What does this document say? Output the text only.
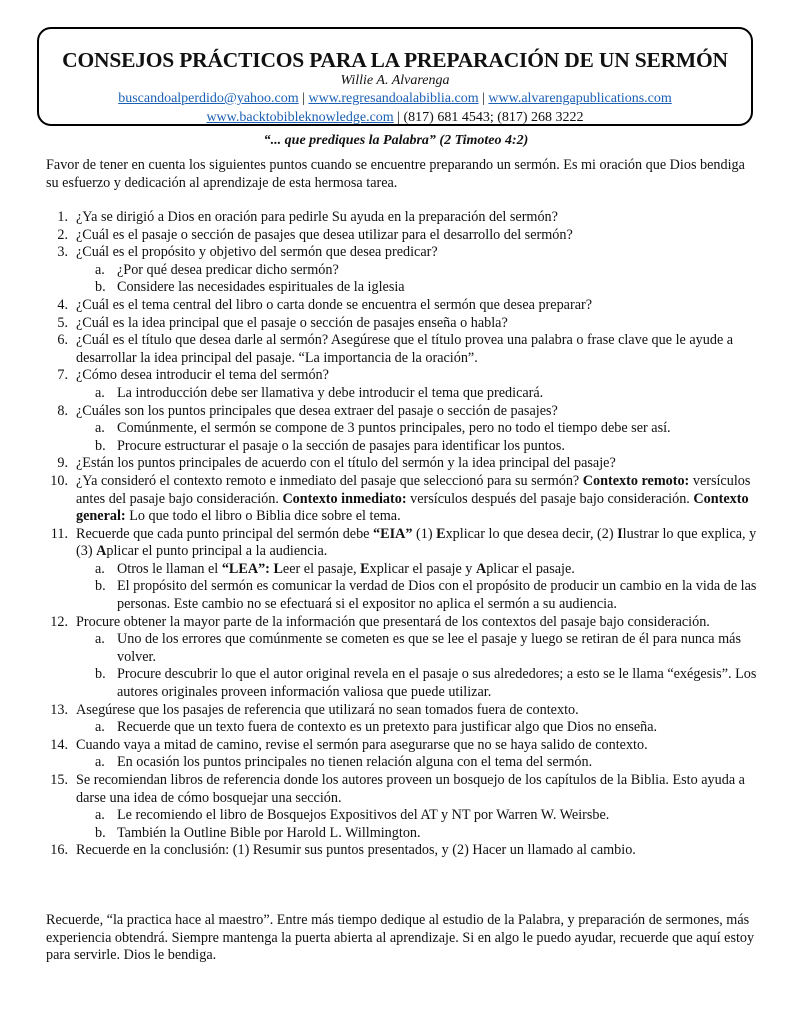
CONSEJOS PRÁCTICOS PARA LA PREPARACIÓN DE UN SERMÓN
Willie A. Alvarenga
buscandoalperdido@yahoo.com | www.regresandoalabiblia.com | www.alvarengapublications.com
www.backtobibleknowledge.com | (817) 681 4543; (817) 268 3222
“... que prediques la Palabra” (2 Timoteo 4:2)
Favor de tener en cuenta los siguientes puntos cuando se encuentre preparando un sermón. Es mi oración que Dios bendiga su esfuerzo y dedicación al aprendizaje de esta hermosa tarea.
1. ¿Ya se dirigió a Dios en oración para pedirle Su ayuda en la preparación del sermón?
2. ¿Cuál es el pasaje o sección de pasajes que desea utilizar para el desarrollo del sermón?
3. ¿Cuál es el propósito y objetivo del sermón que desea predicar?
a. ¿Por qué desea predicar dicho sermón?
b. Considere las necesidades espirituales de la iglesia
4. ¿Cuál es el tema central del libro o carta donde se encuentra el sermón que desea preparar?
5. ¿Cuál es la idea principal que el pasaje o sección de pasajes enseña o habla?
6. ¿Cuál es el título que desea darle al sermón? Asegúrese que el título provea una palabra o frase clave que le ayude a desarrollar la idea principal del pasaje. “La importancia de la oración”.
7. ¿Cómo desea introducir el tema del sermón?
a. La introducción debe ser llamativa y debe introducir el tema que predicará.
8. ¿Cuáles son los puntos principales que desea extraer del pasaje o sección de pasajes?
a. Comúnmente, el sermón se compone de 3 puntos principales, pero no todo el tiempo debe ser así.
b. Procure estructurar el pasaje o la sección de pasajes para identificar los puntos.
9. ¿Están los puntos principales de acuerdo con el título del sermón y la idea principal del pasaje?
10. ¿Ya consideró el contexto remoto e inmediato del pasaje que seleccionó para su sermón? Contexto remoto: versículos antes del pasaje bajo consideración. Contexto inmediato: versículos después del pasaje bajo consideración. Contexto general: Lo que todo el libro o Biblia dice sobre el tema.
11. Recuerde que cada punto principal del sermón debe “EIA” (1) Explicar lo que desea decir, (2) Ilustrar lo que explica, y (3) Aplicar el punto principal a la audiencia.
a. Otros le llaman el “LEA”: Leer el pasaje, Explicar el pasaje y Aplicar el pasaje.
b. El propósito del sermón es comunicar la verdad de Dios con el propósito de producir un cambio en la vida de las personas. Este cambio no se efectuará si el expositor no aplica el sermón a su audiencia.
12. Procure obtener la mayor parte de la información que presentará de los contextos del pasaje bajo consideración.
a. Uno de los errores que comúnmente se cometen es que se lee el pasaje y luego se retiran de él para nunca más volver.
b. Procure descubrir lo que el autor original revela en el pasaje o sus alrededores; a esto se le llama “exégesis”. Los autores originales proveen información valiosa que puede utilizar.
13. Asegúrese que los pasajes de referencia que utilizará no sean tomados fuera de contexto.
a. Recuerde que un texto fuera de contexto es un pretexto para justificar algo que Dios no enseña.
14. Cuando vaya a mitad de camino, revise el sermón para asegurarse que no se haya salido de contexto.
a. En ocasión los puntos principales no tienen relación alguna con el tema del sermón.
15. Se recomiendan libros de referencia donde los autores proveen un bosquejo de los capítulos de la Biblia. Esto ayuda a darse una idea de cómo bosquejar una sección.
a. Le recomiendo el libro de Bosquejos Expositivos del AT y NT por Warren W. Weirsbe.
b. También la Outline Bible por Harold L. Willmington.
16. Recuerde en la conclusión: (1) Resumir sus puntos presentados, y (2) Hacer un llamado al cambio.
Recuerde, “la practica hace al maestro”. Entre más tiempo dedique al estudio de la Palabra, y preparación de sermones, más experiencia obtendrá. Siempre mantenga la puerta abierta al aprendizaje. Si en algo le puedo ayudar, recuerde que aquí estoy para servirle. Dios le bendiga.
